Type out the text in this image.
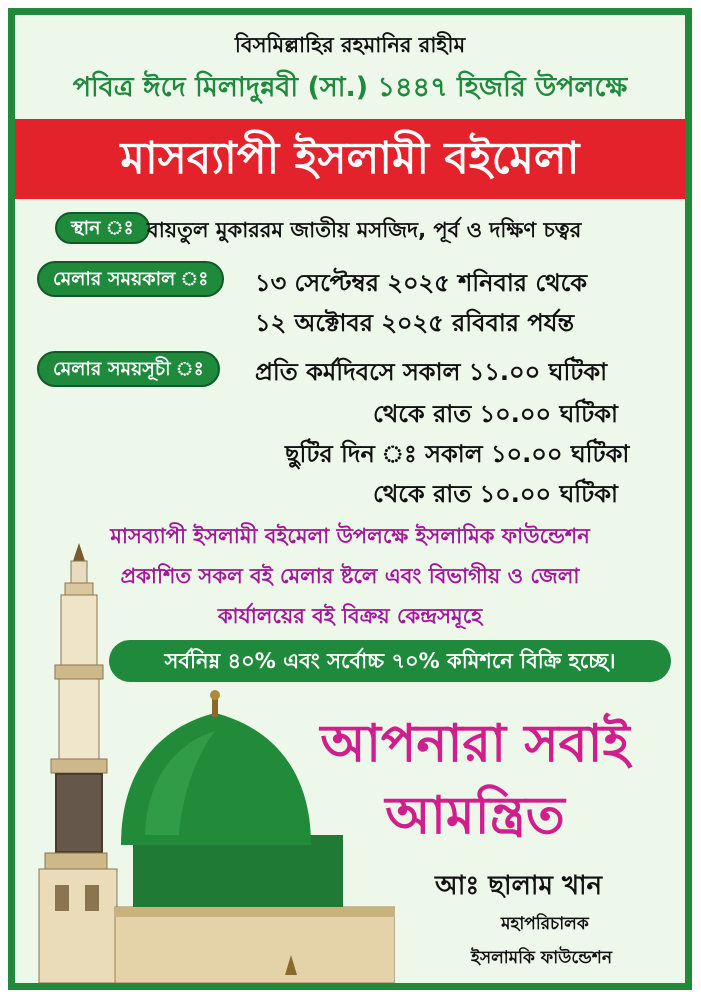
বিসমিল্লাহির রহমানির রাহীম
পবিত্র ঈদে মিলাদুন্নবী (সা.) ১৪৪৭ হিজরি উপলক্ষে
মাসব্যাপী ইসলামী বইমেলা
স্থান ঃ বায়তুল মুকাররম জাতীয় মসজিদ, পূর্ব ও দক্ষিণ চত্বর
মেলার সময়কাল ঃ	১৩ সেপ্টেম্বর ২০২৫ শনিবার থেকে
১২ অক্টোবর ২০২৫ রবিবার পর্যন্ত
মেলার সময়সূচী ঃ	প্রতি কর্মদিবসে সকাল ১১.০০ ঘটিকা
থেকে রাত ১০.০০ ঘটিকা
ছুটির দিন ঃ সকাল ১০.০০ ঘটিকা
থেকে রাত ১০.০০ ঘটিকা
মাসব্যাপী ইসলামী বইমেলা উপলক্ষে ইসলামিক ফাউন্ডেশন
প্রকাশিত সকল বই মেলার ষ্টলে এবং বিভাগীয় ও জেলা
কার্যালয়ের বই বিক্রয় কেন্দ্রসমূহে
সর্বনিম্ন ৪০% এবং সর্বোচ্চ ৭০% কমিশনে বিক্রি হচ্ছে।
আপনারা সবাই
আমন্ত্রিত
আঃ ছালাম খান
মহাপরিচালক
ইসলামকি ফাউন্ডেশন
